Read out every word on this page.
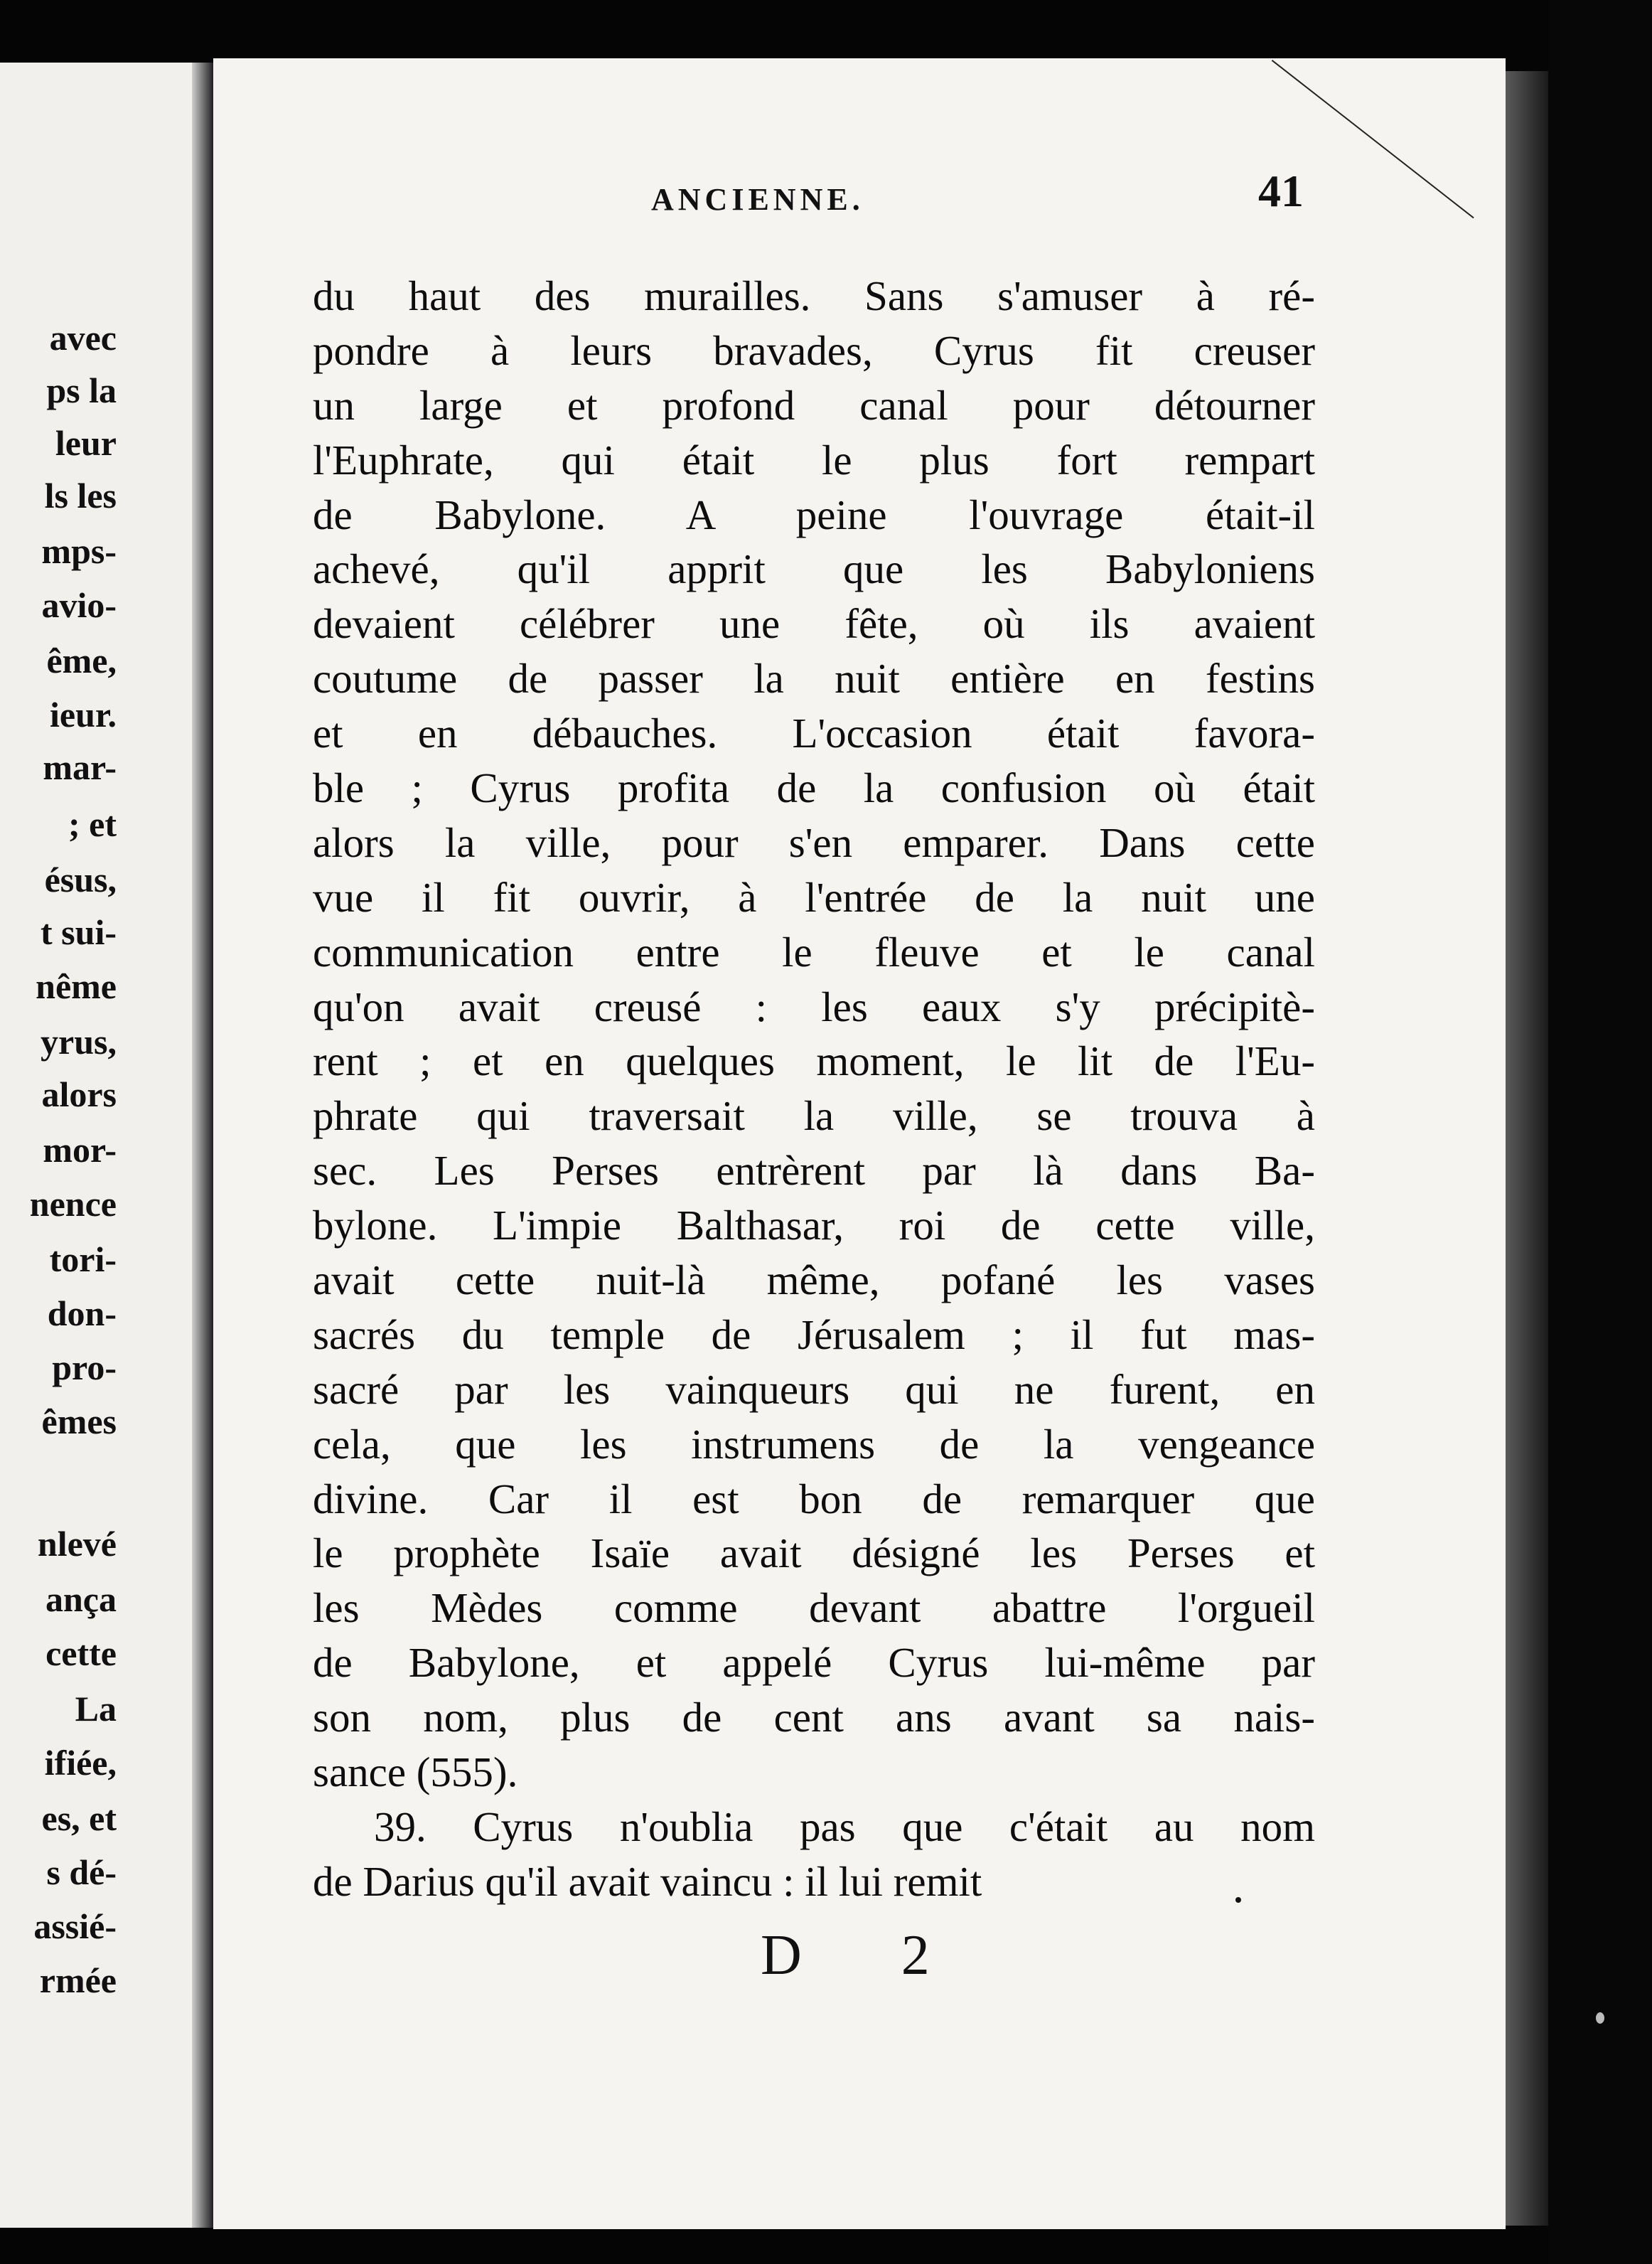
avec
ps la
leur
ls les
mps-
avio-
ême,
ieur.
mar-
; et
ésus,
t sui-
nême
yrus,
alors
mor-
nence
tori-
don-
pro-
êmes
nlevé
ança
cette
La
ifiée,
es, et
s dé-
assié-
rmée
ANCIENNE.	41
du haut des murailles. Sans s'amuser à ré-
pondre à leurs bravades, Cyrus fit creuser
un large et profond canal pour détourner
l'Euphrate, qui était le plus fort rempart
de Babylone. A peine l'ouvrage était-il
achevé, qu'il apprit que les Babyloniens
devaient célébrer une fête, où ils avaient
coutume de passer la nuit entière en festins
et en débauches. L'occasion était favora-
ble ; Cyrus profita de la confusion où était
alors la ville, pour s'en emparer. Dans cette
vue il fit ouvrir, à l'entrée de la nuit une
communication entre le fleuve et le canal
qu'on avait creusé : les eaux s'y précipitè-
rent ; et en quelques moment, le lit de l'Eu-
phrate qui traversait la ville, se trouva à
sec. Les Perses entrèrent par là dans Ba-
bylone. L'impie Balthasar, roi de cette ville,
avait cette nuit-là même, pofané les vases
sacrés du temple de Jérusalem ; il fut mas-
sacré par les vainqueurs qui ne furent, en
cela, que les instrumens de la vengeance
divine. Car il est bon de remarquer que
le prophète Isaïe avait désigné les Perses et
les Mèdes comme devant abattre l'orgueil
de Babylone, et appelé Cyrus lui-même par
son nom, plus de cent ans avant sa nais-
sance (555).
39. Cyrus n'oublia pas que c'était au nom
de Darius qu'il avait vaincu : il lui remit
D 2
